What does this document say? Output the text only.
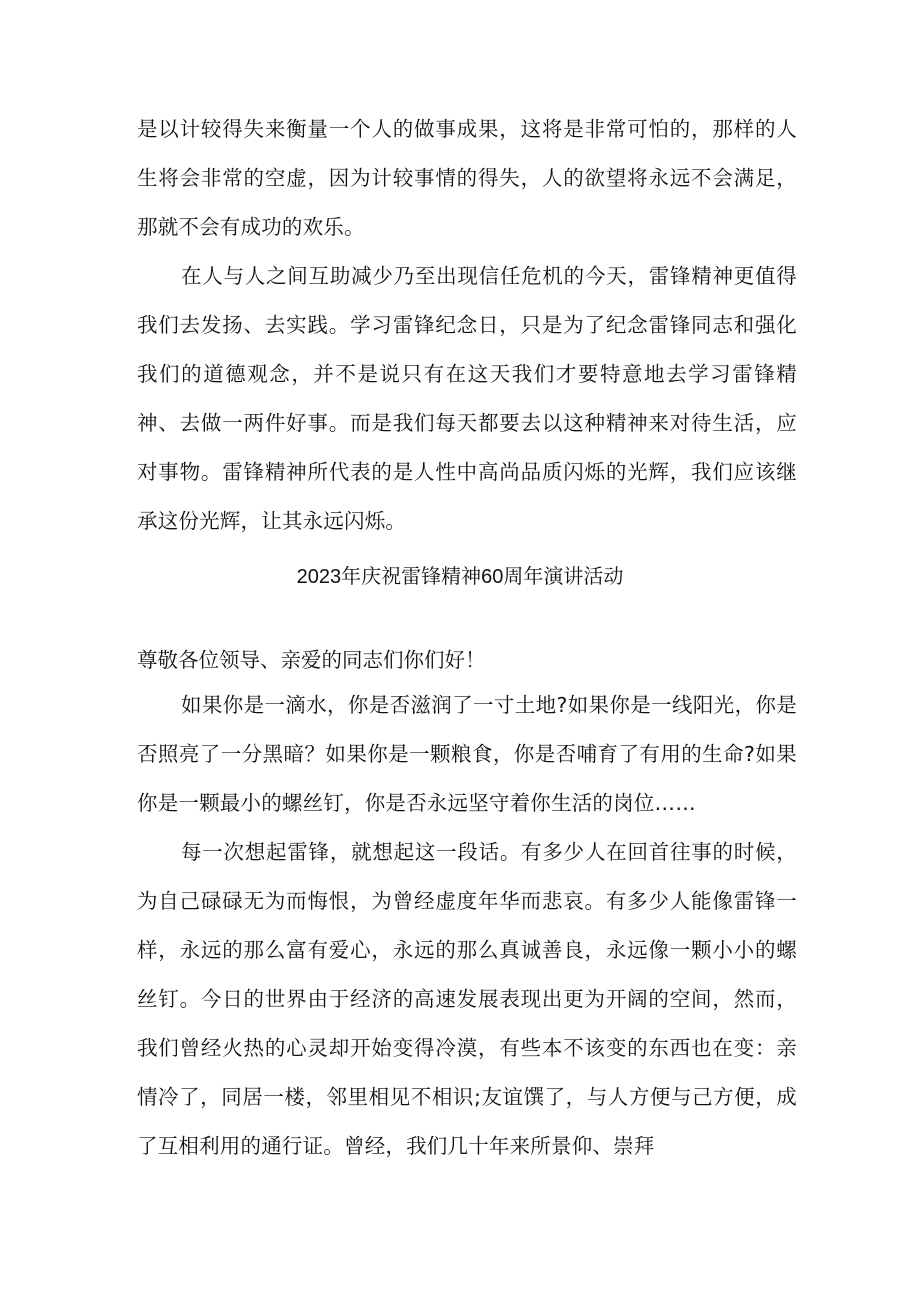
是以计较得失来衡量一个人的做事成果，这将是非常可怕的，那样的人生将会非常的空虚，因为计较事情的得失，人的欲望将永远不会满足，那就不会有成功的欢乐。

在人与人之间互助减少乃至出现信任危机的今天，雷锋精神更值得我们去发扬、去实践。学习雷锋纪念日，只是为了纪念雷锋同志和强化我们的道德观念，并不是说只有在这天我们才要特意地去学习雷锋精神、去做一两件好事。而是我们每天都要去以这种精神来对待生活，应对事物。雷锋精神所代表的是人性中高尚品质闪烁的光辉，我们应该继承这份光辉，让其永远闪烁。

2023年庆祝雷锋精神60周年演讲活动

尊敬各位领导、亲爱的同志们你们好！

如果你是一滴水，你是否滋润了一寸土地?如果你是一线阳光，你是否照亮了一分黑暗？如果你是一颗粮食，你是否哺育了有用的生命?如果你是一颗最小的螺丝钉，你是否永远坚守着你生活的岗位……

每一次想起雷锋，就想起这一段话。有多少人在回首往事的时候，为自己碌碌无为而悔恨，为曾经虚度年华而悲哀。有多少人能像雷锋一样，永远的那么富有爱心，永远的那么真诚善良，永远像一颗小小的螺丝钉。今日的世界由于经济的高速发展表现出更为开阔的空间，然而，我们曾经火热的心灵却开始变得冷漠，有些本不该变的东西也在变：亲情冷了，同居一楼，邻里相见不相识;友谊馔了，与人方便与己方便，成了互相利用的通行证。曾经，我们几十年来所景仰、崇拜
